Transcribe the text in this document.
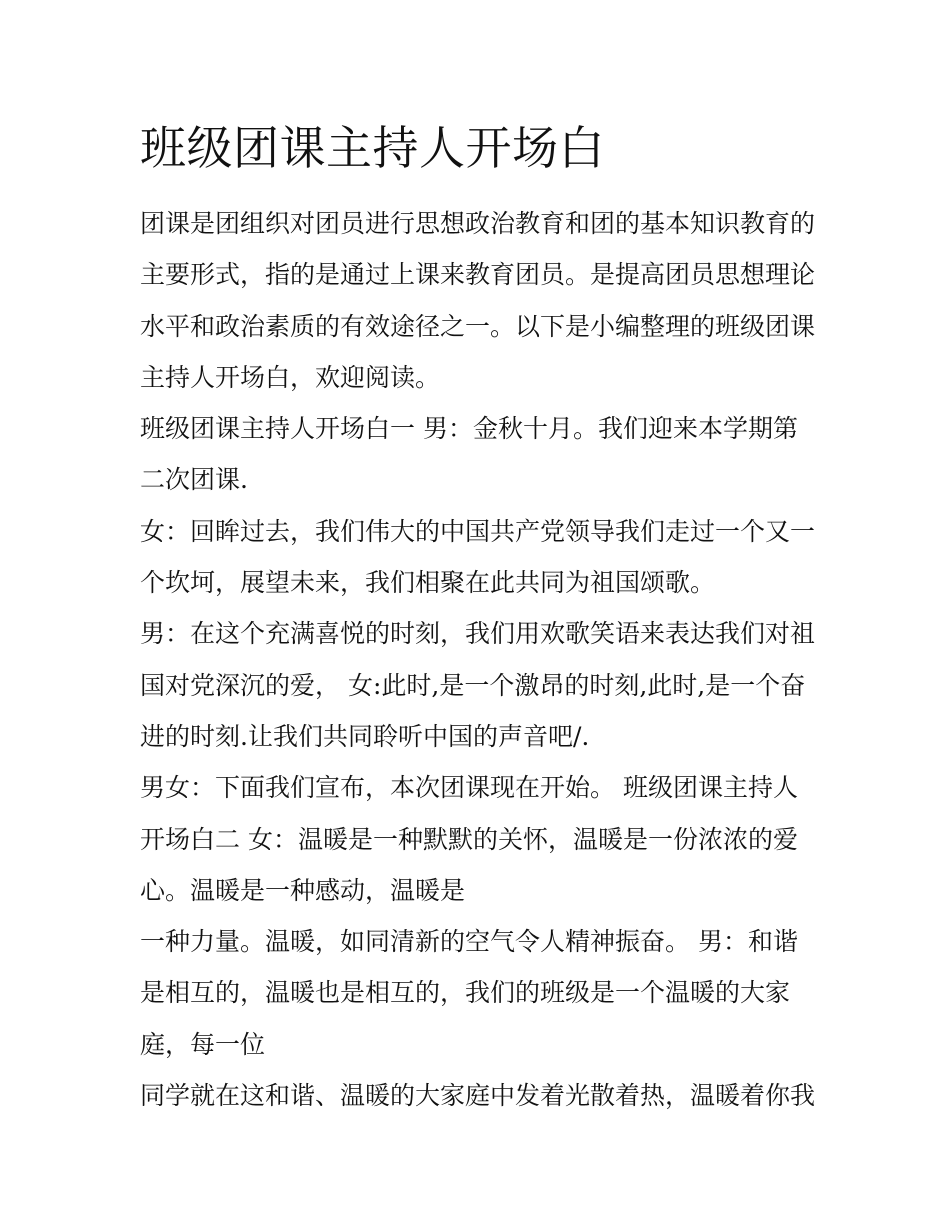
班级团课主持人开场白
团课是团组织对团员进行思想政治教育和团的基本知识教育的
主要形式，指的是通过上课来教育团员。是提高团员思想理论
水平和政治素质的有效途径之一。以下是小编整理的班级团课
主持人开场白，欢迎阅读。
班级团课主持人开场白一 男：金秋十月。我们迎来本学期第
二次团课.
女：回眸过去，我们伟大的中国共产党领导我们走过一个又一
个坎坷，展望未来，我们相聚在此共同为祖国颂歌。
男：在这个充满喜悦的时刻，我们用欢歌笑语来表达我们对祖
国对党深沉的爱， 女:此时,是一个激昂的时刻,此时,是一个奋
进的时刻.让我们共同聆听中国的声音吧/.
男女：下面我们宣布，本次团课现在开始。 班级团课主持人
开场白二 女：温暖是一种默默的关怀，温暖是一份浓浓的爱
心。温暖是一种感动，温暖是
一种力量。温暖，如同清新的空气令人精神振奋。 男：和谐
是相互的，温暖也是相互的，我们的班级是一个温暖的大家
庭，每一位
同学就在这和谐、温暖的大家庭中发着光散着热，温暖着你我
